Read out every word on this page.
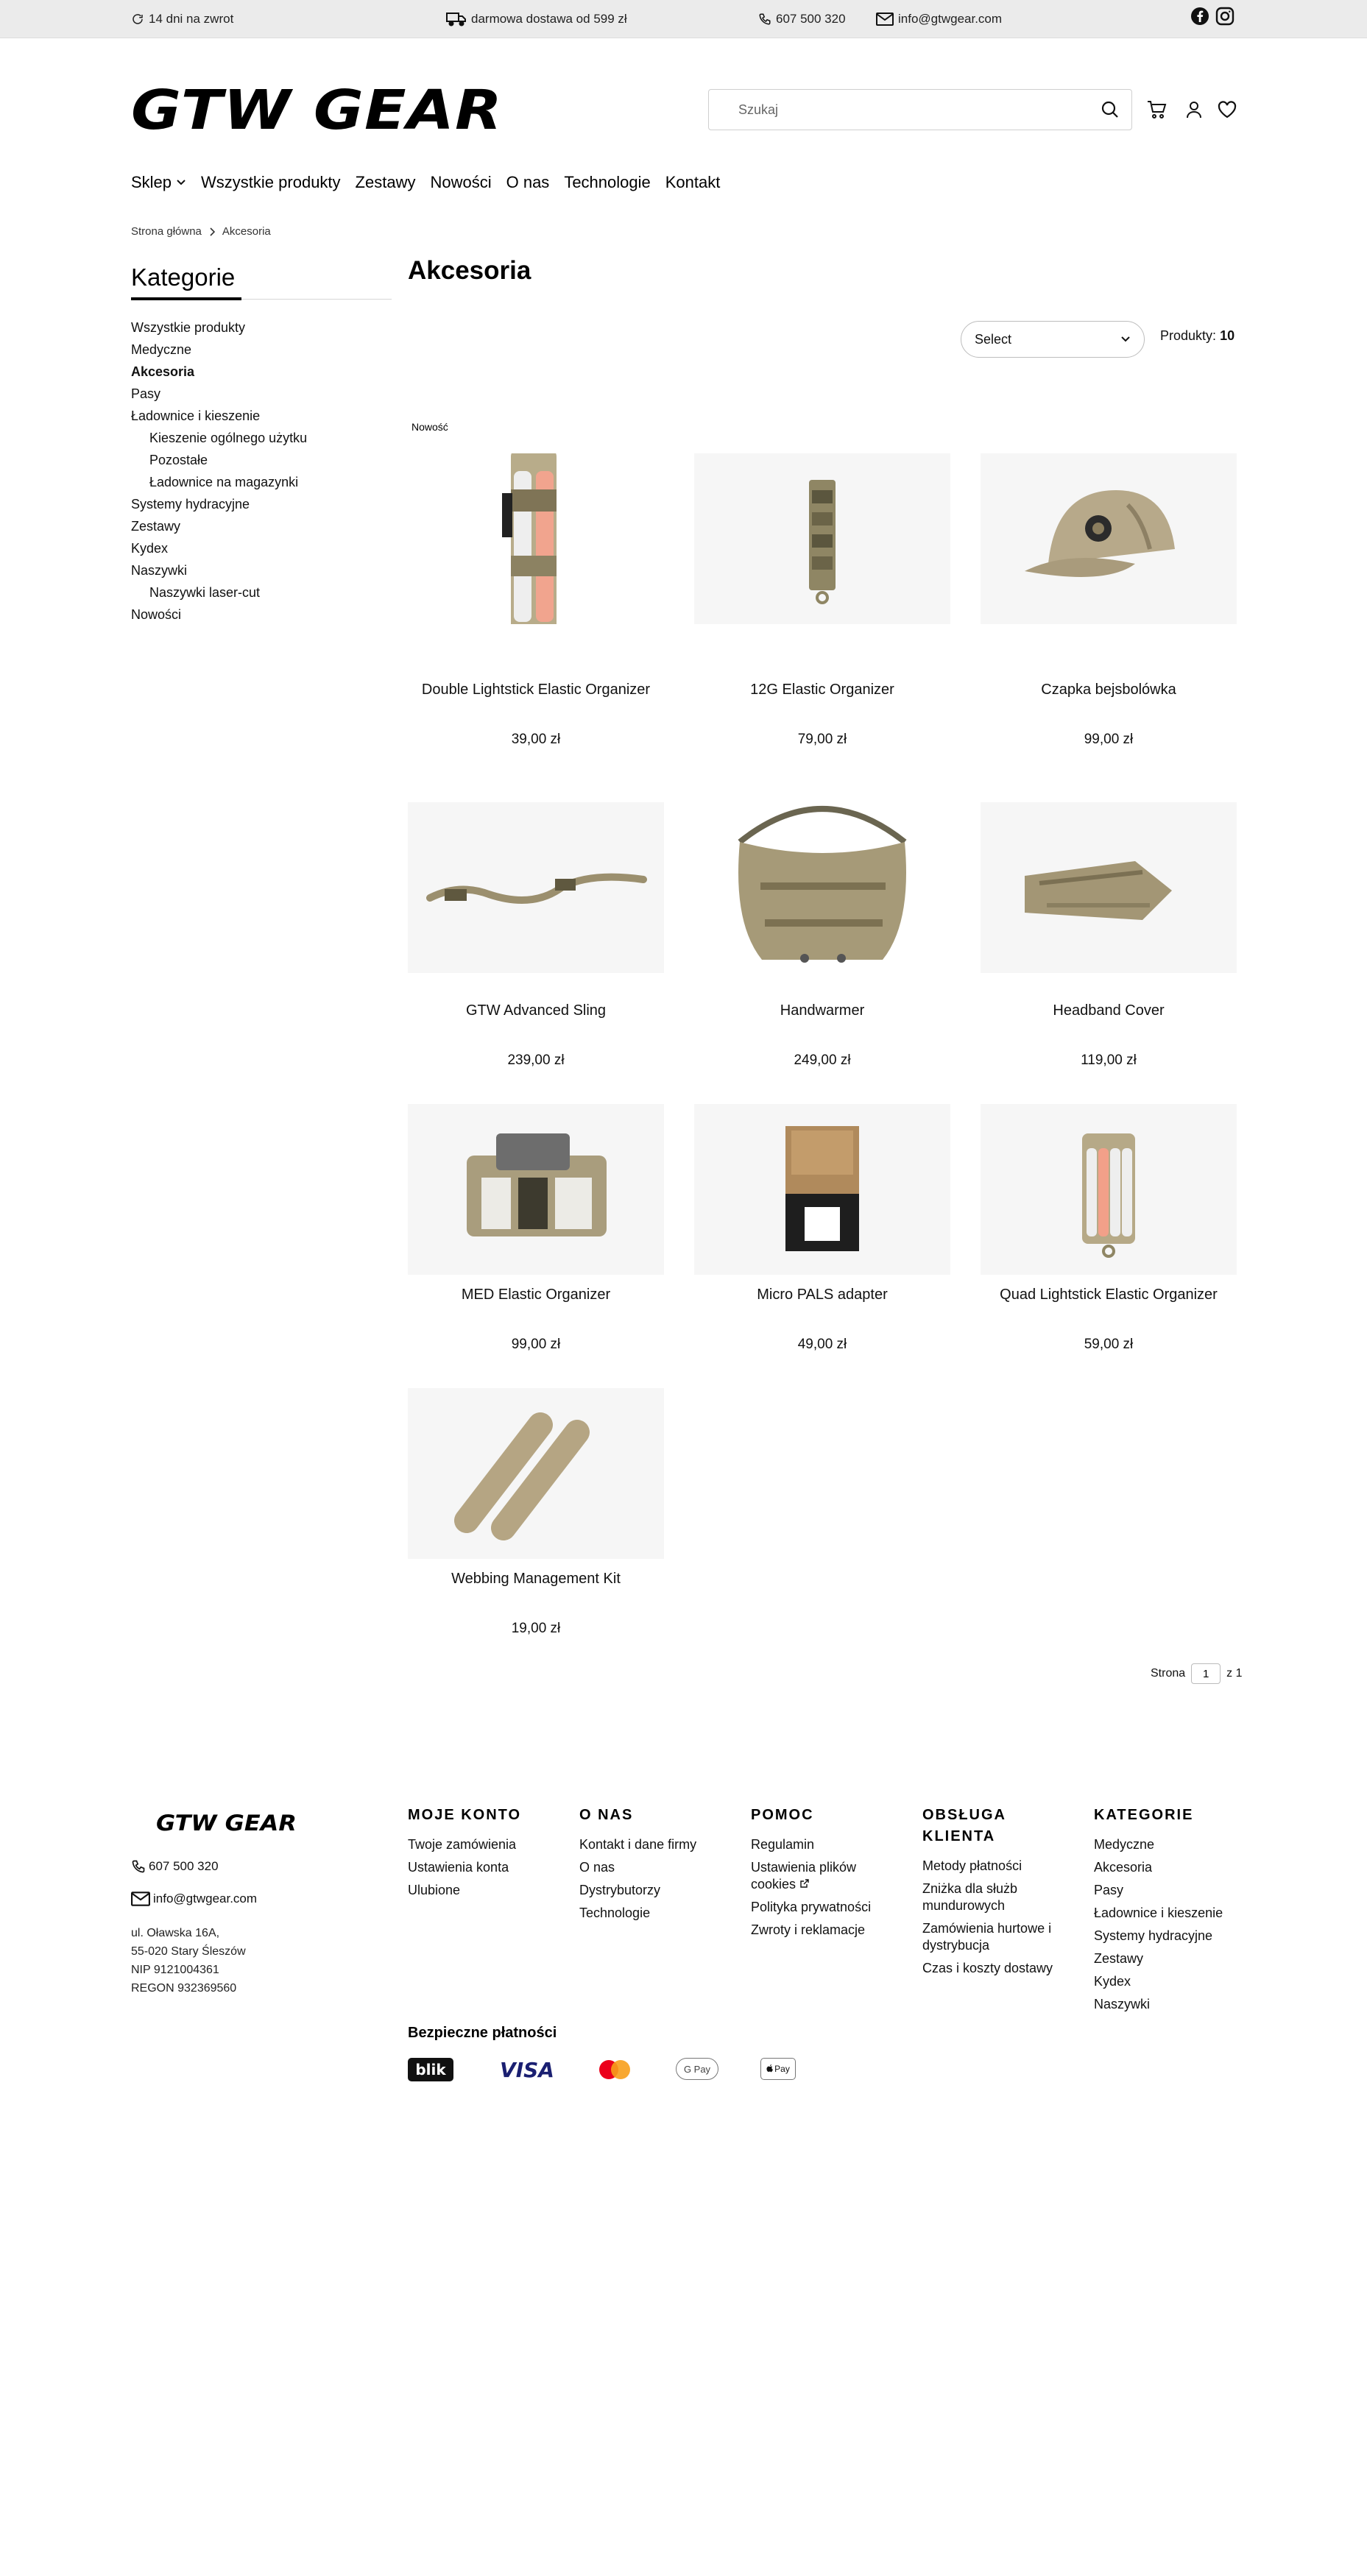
14 dni na zwrot	darmowa dostawa od 599 zł	607 500 320	info@gtwgear.com
GTW GEAR
Szukaj
Sklep Wszystkie produkty Zestawy Nowości O nas Technologie Kontakt
Strona główna Akcesoria
Kategorie
Wszystkie produkty
Medyczne
Akcesoria
Pasy
Ładownice i kieszenie
Kieszenie ogólnego użytku
Pozostałe
Ładownice na magazynki
Systemy hydracyjne
Zestawy
Kydex
Naszywki
Naszywki laser-cut
Nowości
Akcesoria
Select	Produkty: 10
Nowość
Double Lightstick Elastic Organizer
39,00 zł
12G Elastic Organizer
79,00 zł
Czapka bejsbolówka
99,00 zł
GTW Advanced Sling
239,00 zł
Handwarmer
249,00 zł
Headband Cover
119,00 zł
MED Elastic Organizer
99,00 zł
Micro PALS adapter
49,00 zł
Quad Lightstick Elastic Organizer
59,00 zł
Webbing Management Kit
19,00 zł
Strona
1	z 1
GTW GEAR
607 500 320
info@gtwgear.com
ul. Oławska 16A,
55-020 Stary Śleszów
NIP 9121004361
REGON 932369560
MOJE KONTO
Twoje zamówienia
Ustawienia konta
Ulubione
O NAS
Kontakt i dane firmy
O nas
Dystrybutorzy
Technologie
POMOC
Regulamin
Ustawienia plików cookies
Polityka prywatności
Zwroty i reklamacje
OBSŁUGA KLIENTA
Metody płatności
Zniżka dla służb mundurowych
Zamówienia hurtowe i dystrybucja
Czas i koszty dostawy
KATEGORIE
Medyczne
Akcesoria
Pasy
Ładownice i kieszenie
Systemy hydracyjne
Zestawy
Kydex
Naszywki
Bezpieczne płatności
blik	VISA	G Pay	Pay
